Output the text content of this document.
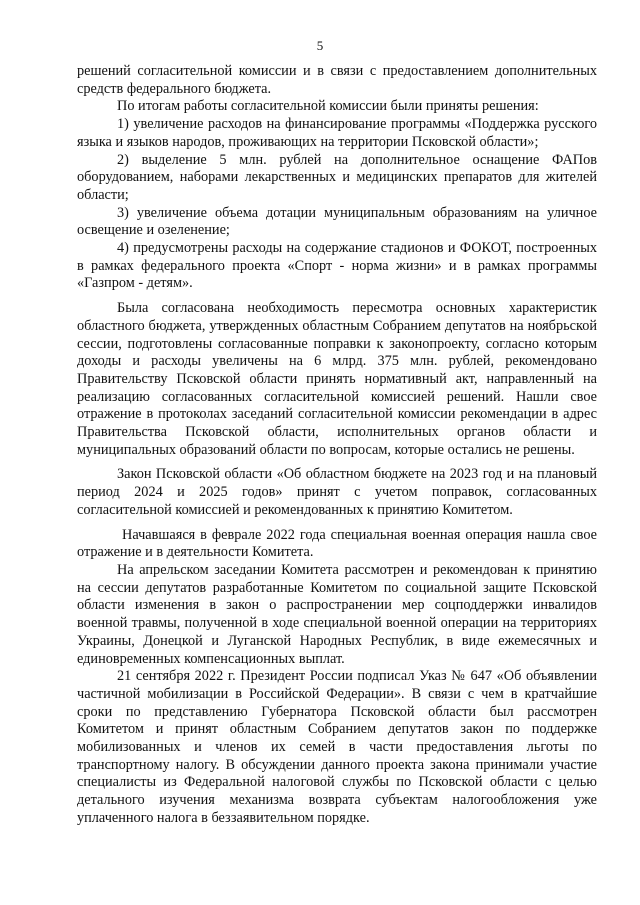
5

решений согласительной комиссии и в связи с предоставлением дополнительных средств федерального бюджета.

По итогам работы согласительной комиссии были приняты решения:

1) увеличение расходов на финансирование программы «Поддержка русского языка и языков народов, проживающих на территории Псковской области»;

2) выделение 5 млн. рублей на дополнительное оснащение ФАПов оборудованием, наборами лекарственных и медицинских препаратов для жителей области;

3) увеличение объема дотации муниципальным образованиям на уличное освещение и озеленение;

4) предусмотрены расходы на содержание стадионов и ФОКОТ, построенных в рамках федерального проекта «Спорт - норма жизни» и в рамках программы «Газпром - детям».

Была согласована необходимость пересмотра основных характеристик областного бюджета, утвержденных областным Собранием депутатов на ноябрьской сессии, подготовлены согласованные поправки к законопроекту, согласно которым доходы и расходы увеличены на 6 млрд. 375 млн. рублей, рекомендовано Правительству Псковской области принять нормативный акт, направленный на реализацию согласованных согласительной комиссией решений. Нашли свое отражение в протоколах заседаний согласительной комиссии рекомендации в адрес Правительства Псковской области, исполнительных органов области и муниципальных образований области по вопросам, которые остались не решены.

Закон Псковской области «Об областном бюджете на 2023 год и на плановый период 2024 и 2025 годов» принят с учетом поправок, согласованных согласительной комиссией и рекомендованных к принятию Комитетом.

Начавшаяся в феврале 2022 года специальная военная операция нашла свое отражение и в деятельности Комитета.

На апрельском заседании Комитета рассмотрен и рекомендован к принятию на сессии депутатов разработанные Комитетом по социальной защите Псковской области изменения в закон о распространении мер соцподдержки инвалидов военной травмы, полученной в ходе специальной военной операции на территориях Украины, Донецкой и Луганской Народных Республик, в виде ежемесячных и единовременных компенсационных выплат.

21 сентября 2022 г. Президент России подписал Указ № 647 «Об объявлении частичной мобилизации в Российской Федерации». В связи с чем в кратчайшие сроки по представлению Губернатора Псковской области был рассмотрен Комитетом и принят областным Собранием депутатов закон по поддержке мобилизованных и членов их семей в части предоставления льготы по транспортному налогу. В обсуждении данного проекта закона принимали участие специалисты из Федеральной налоговой службы по Псковской области с целью детального изучения механизма возврата субъектам налогообложения уже уплаченного налога в беззаявительном порядке.
